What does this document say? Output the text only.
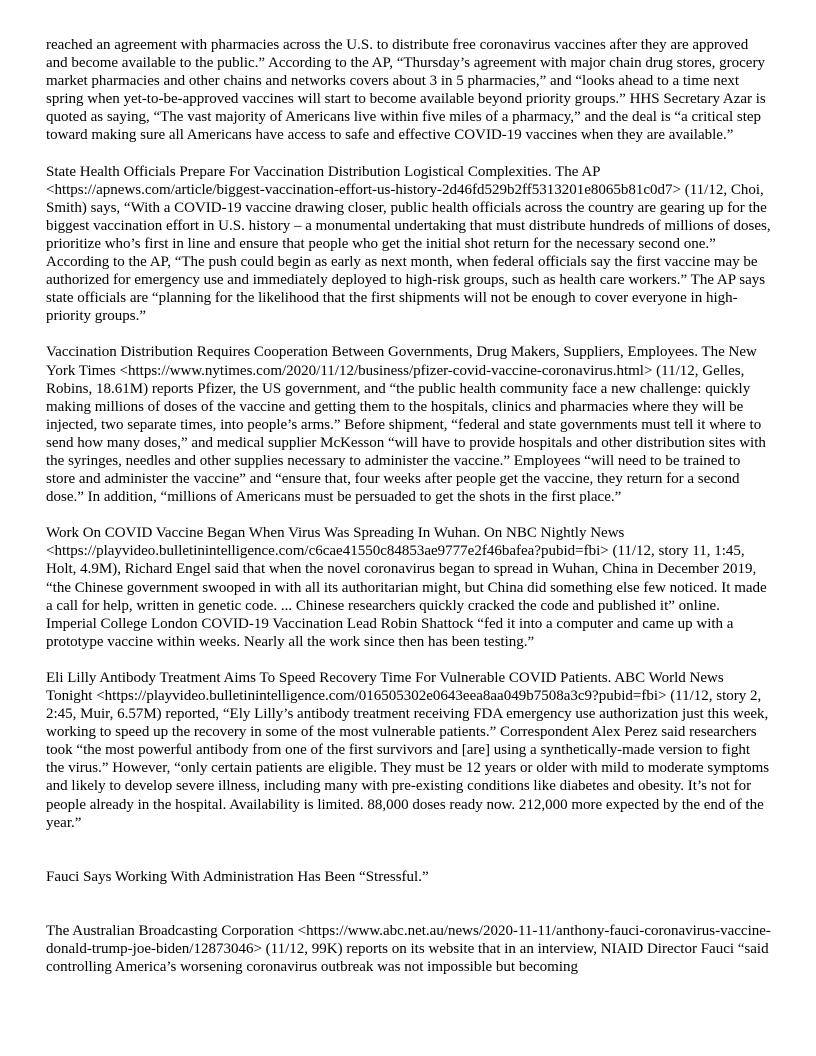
reached an agreement with pharmacies across the U.S. to distribute free coronavirus vaccines after they are approved and become available to the public.” According to the AP, “Thursday’s agreement with major chain drug stores, grocery market pharmacies and other chains and networks covers about 3 in 5 pharmacies,” and “looks ahead to a time next spring when yet-to-be-approved vaccines will start to become available beyond priority groups.” HHS Secretary Azar is quoted as saying, “The vast majority of Americans live within five miles of a pharmacy,” and the deal is “a critical step toward making sure all Americans have access to safe and effective COVID-19 vaccines when they are available.”

State Health Officials Prepare For Vaccination Distribution Logistical Complexities. The AP <https://apnews.com/article/biggest-vaccination-effort-us-history-2d46fd529b2ff5313201e8065b81c0d7> (11/12, Choi, Smith) says, “With a COVID-19 vaccine drawing closer, public health officials across the country are gearing up for the biggest vaccination effort in U.S. history – a monumental undertaking that must distribute hundreds of millions of doses, prioritize who’s first in line and ensure that people who get the initial shot return for the necessary second one.” According to the AP, “The push could begin as early as next month, when federal officials say the first vaccine may be authorized for emergency use and immediately deployed to high-risk groups, such as health care workers.” The AP says state officials are “planning for the likelihood that the first shipments will not be enough to cover everyone in high-priority groups.”

Vaccination Distribution Requires Cooperation Between Governments, Drug Makers, Suppliers, Employees. The New York Times <https://www.nytimes.com/2020/11/12/business/pfizer-covid-vaccine-coronavirus.html> (11/12, Gelles, Robins, 18.61M) reports Pfizer, the US government, and “the public health community face a new challenge: quickly making millions of doses of the vaccine and getting them to the hospitals, clinics and pharmacies where they will be injected, two separate times, into people’s arms.” Before shipment, “federal and state governments must tell it where to send how many doses,” and medical supplier McKesson “will have to provide hospitals and other distribution sites with the syringes, needles and other supplies necessary to administer the vaccine.” Employees “will need to be trained to store and administer the vaccine” and “ensure that, four weeks after people get the vaccine, they return for a second dose.” In addition, “millions of Americans must be persuaded to get the shots in the first place.”

Work On COVID Vaccine Began When Virus Was Spreading In Wuhan. On NBC Nightly News <https://playvideo.bulletinintelligence.com/c6cae41550c84853ae9777e2f46bafea?pubid=fbi> (11/12, story 11, 1:45, Holt, 4.9M), Richard Engel said that when the novel coronavirus began to spread in Wuhan, China in December 2019, “the Chinese government swooped in with all its authoritarian might, but China did something else few noticed. It made a call for help, written in genetic code. ... Chinese researchers quickly cracked the code and published it” online. Imperial College London COVID-19 Vaccination Lead Robin Shattock “fed it into a computer and came up with a prototype vaccine within weeks. Nearly all the work since then has been testing.”

Eli Lilly Antibody Treatment Aims To Speed Recovery Time For Vulnerable COVID Patients. ABC World News Tonight <https://playvideo.bulletinintelligence.com/016505302e0643eea8aa049b7508a3c9?pubid=fbi> (11/12, story 2, 2:45, Muir, 6.57M) reported, “Ely Lilly’s antibody treatment receiving FDA emergency use authorization just this week, working to speed up the recovery in some of the most vulnerable patients.” Correspondent Alex Perez said researchers took “the most powerful antibody from one of the first survivors and [are] using a synthetically-made version to fight the virus.” However, “only certain patients are eligible. They must be 12 years or older with mild to moderate symptoms and likely to develop severe illness, including many with pre-existing conditions like diabetes and obesity. It’s not for people already in the hospital. Availability is limited. 88,000 doses ready now. 212,000 more expected by the end of the year.”

Fauci Says Working With Administration Has Been “Stressful.”

The Australian Broadcasting Corporation <https://www.abc.net.au/news/2020-11-11/anthony-fauci-coronavirus-vaccine-donald-trump-joe-biden/12873046> (11/12, 99K) reports on its website that in an interview, NIAID Director Fauci “said controlling America’s worsening coronavirus outbreak was not impossible but becoming
